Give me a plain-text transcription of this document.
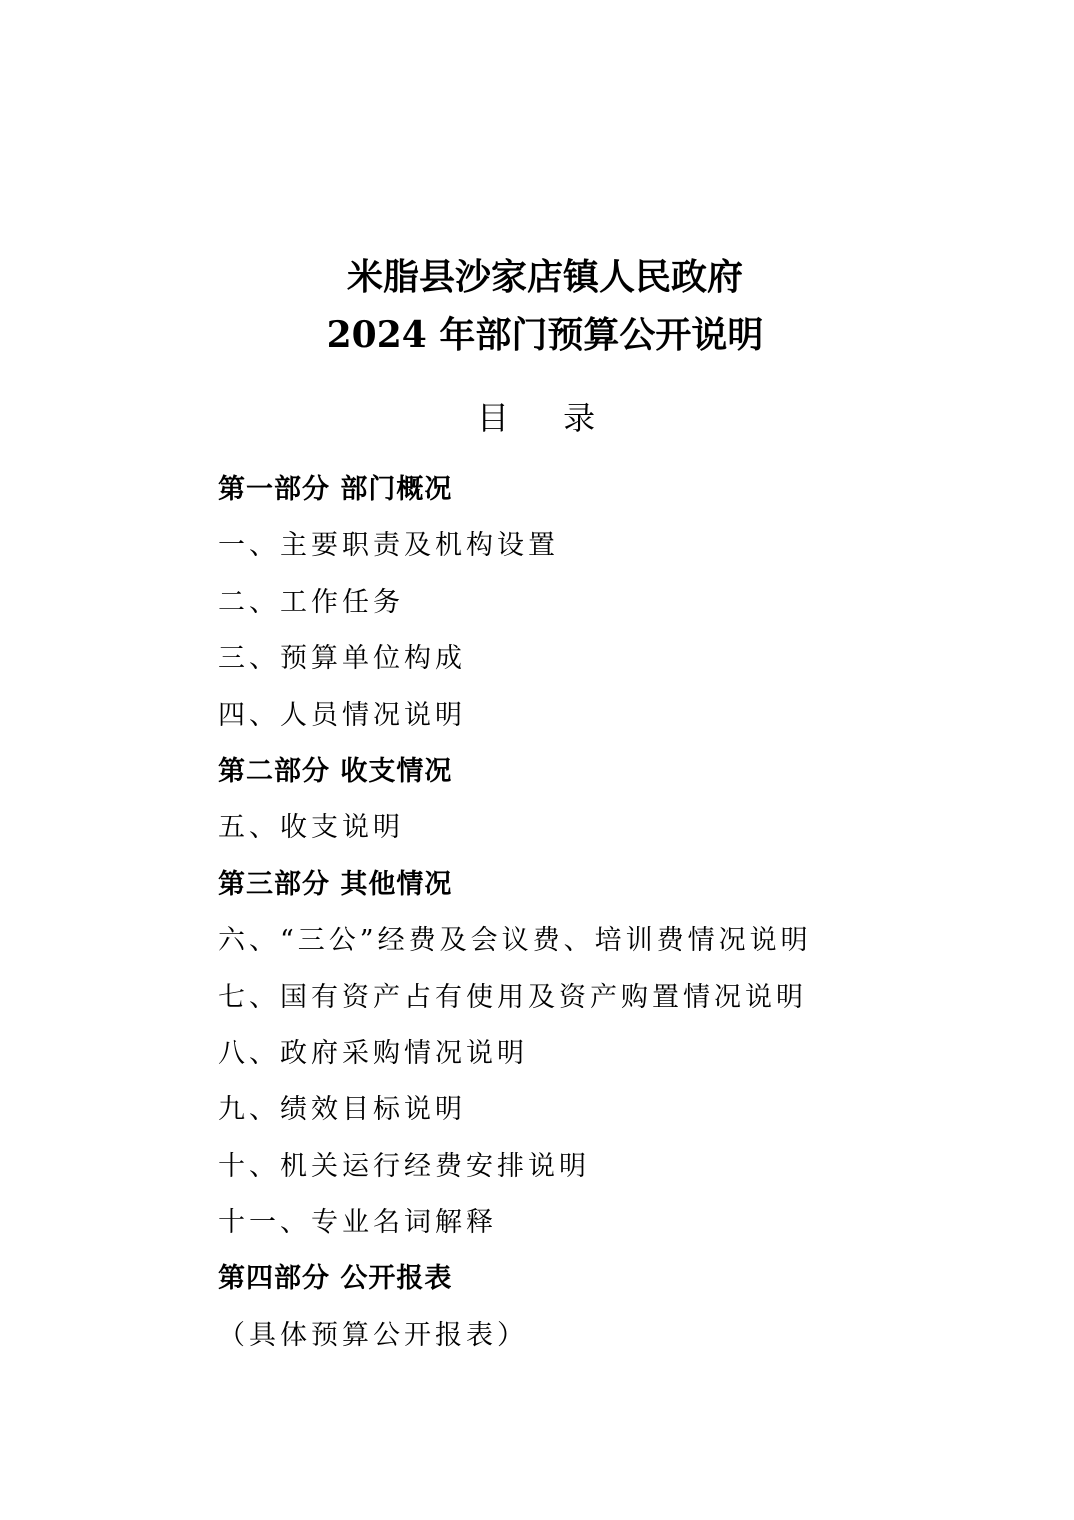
米脂县沙家店镇人民政府
2024 年部门预算公开说明
目 录
第一部分 部门概况
一、主要职责及机构设置
二、工作任务
三、预算单位构成
四、人员情况说明
第二部分 收支情况
五、收支说明
第三部分 其他情况
六、“三公”经费及会议费、培训费情况说明
七、国有资产占有使用及资产购置情况说明
八、政府采购情况说明
九、绩效目标说明
十、机关运行经费安排说明
十一、专业名词解释
第四部分 公开报表
（具体预算公开报表）
